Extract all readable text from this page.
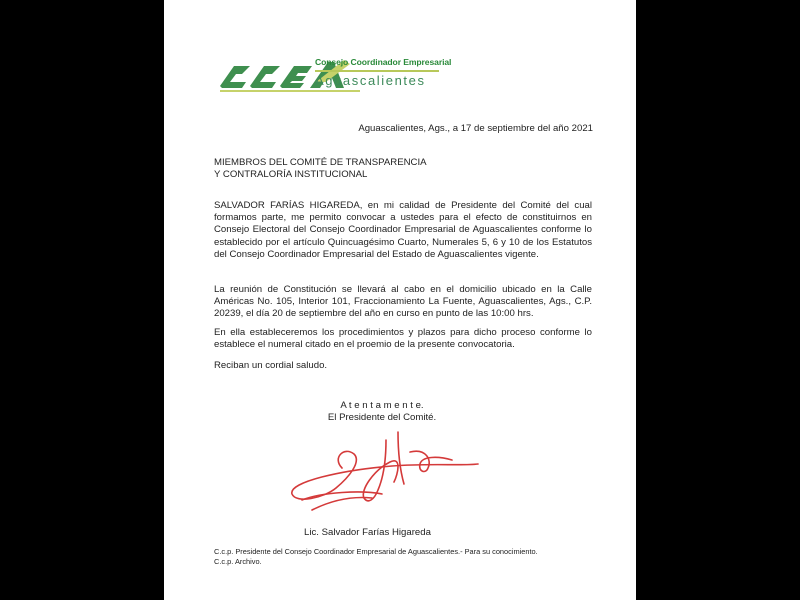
Consejo Coordinador Empresarial
Aguascalientes
Aguascalientes, Ags., a 17 de septiembre del año 2021
MIEMBROS DEL COMITÉ DE TRANSPARENCIA
Y CONTRALORÍA INSTITUCIONAL
SALVADOR FARÍAS HIGAREDA, en mi calidad de Presidente del Comité del cual formamos parte, me permito convocar a ustedes para el efecto de constituirnos en Consejo Electoral del Consejo Coordinador Empresarial de Aguascalientes conforme lo establecido por el artículo Quincuagésimo Cuarto, Numerales 5, 6 y 10 de los Estatutos del Consejo Coordinador Empresarial del Estado de Aguascalientes vigente.
La reunión de Constitución se llevará al cabo en el domicilio ubicado en la Calle Américas No. 105, Interior 101, Fraccionamiento La Fuente, Aguascalientes, Ags., C.P. 20239, el día 20 de septiembre del año en curso en punto de las 10:00 hrs.
En ella estableceremos los procedimientos y plazos para dicho proceso conforme lo establece el numeral citado en el proemio de la presente convocatoria.
Reciban un cordial saludo.
A t e n t a m e n t e.
El Presidente del Comité.
Lic. Salvador Farías Higareda
C.c.p. Presidente del Consejo Coordinador Empresarial de Aguascalientes.- Para su conocimiento.
C.c.p. Archivo.
